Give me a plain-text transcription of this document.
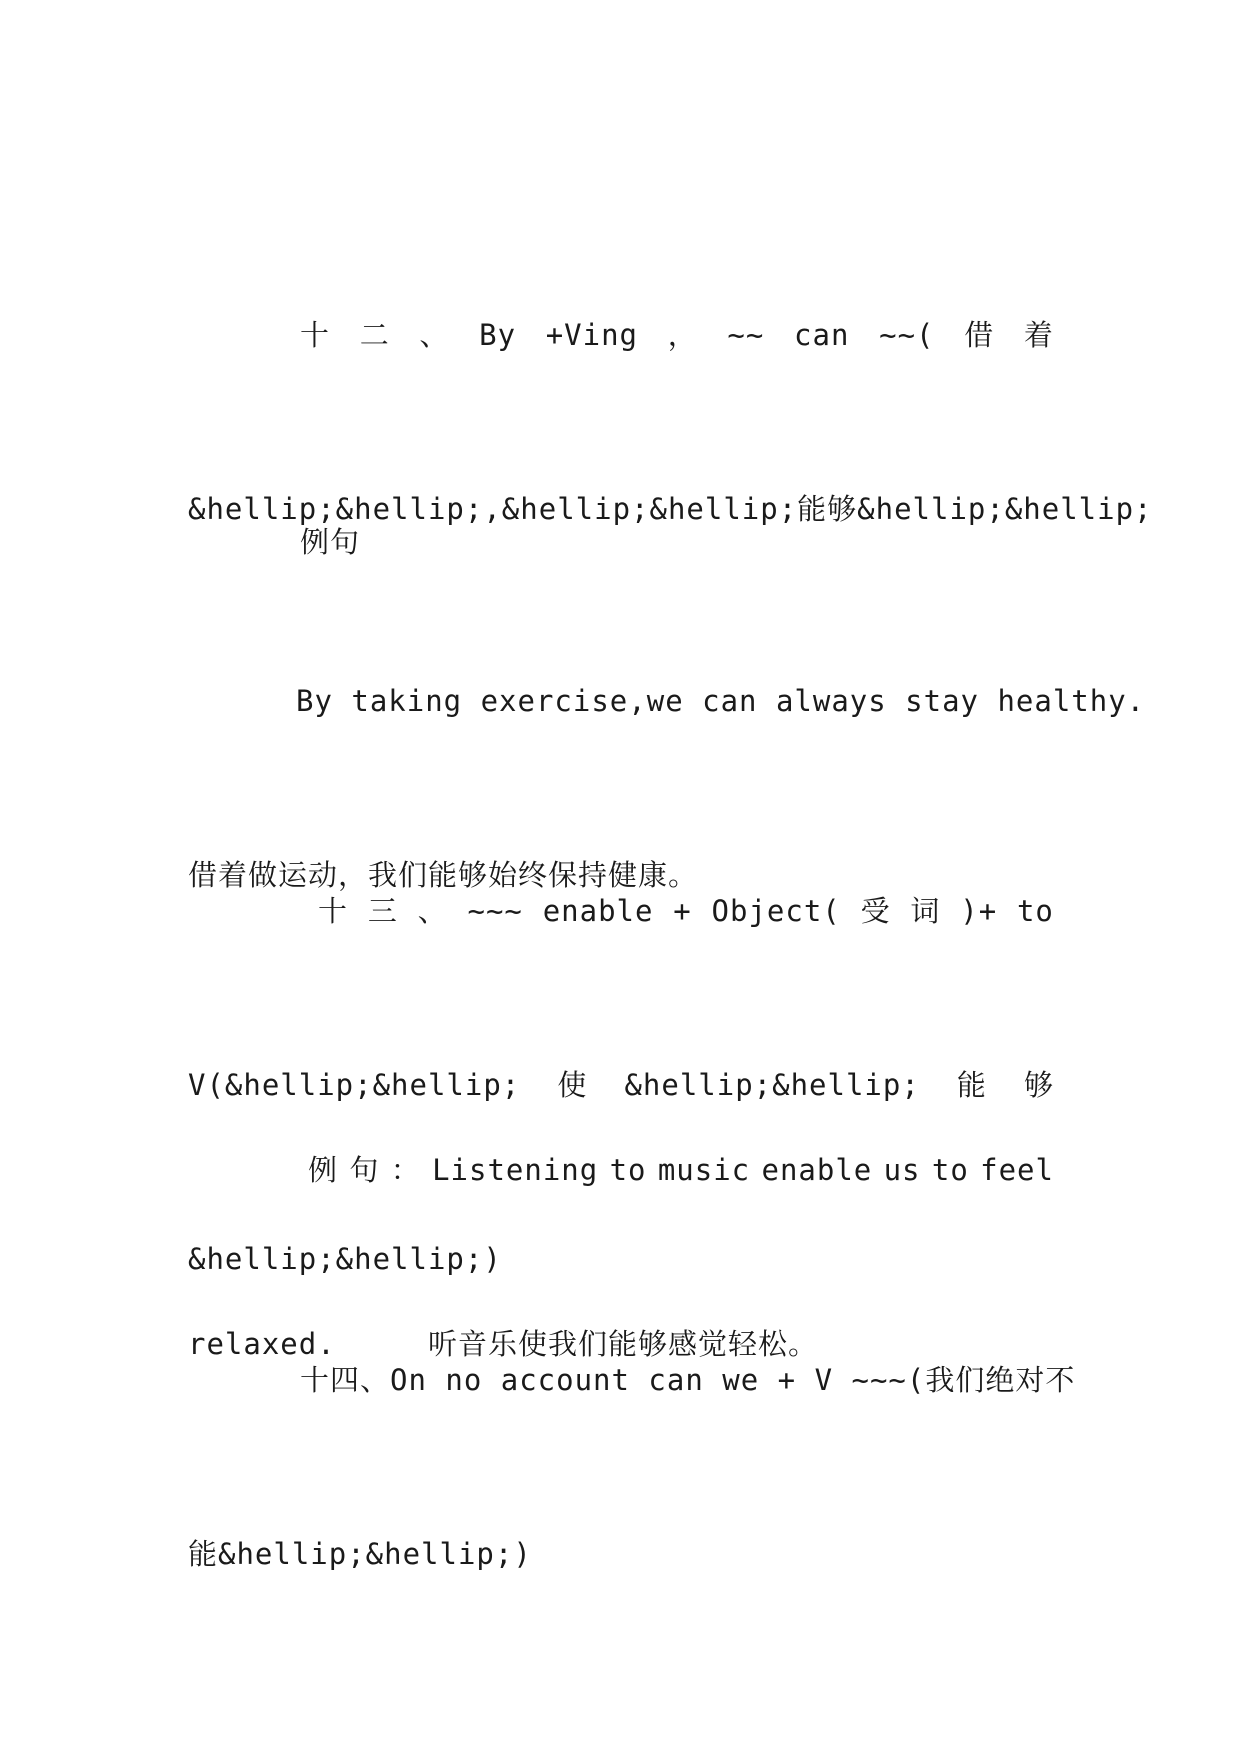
十 二 、 By +Ving ， ~~ can ~~( 借 着

&hellip;&hellip;,&hellip;&hellip;能够&hellip;&hellip;

例句

By taking exercise,we can always stay healthy.

借着做运动，我们能够始终保持健康。

十 三 、 ~~~ enable + Object( 受 词 )+ to

V(&hellip;&hellip; 使 &hellip;&hellip; 能 够

&hellip;&hellip;)

例 句 ： Listening to music enable us to feel

relaxed.     听音乐使我们能够感觉轻松。

十四、On no account can we + V ~~~(我们绝对不

能&hellip;&hellip;)
